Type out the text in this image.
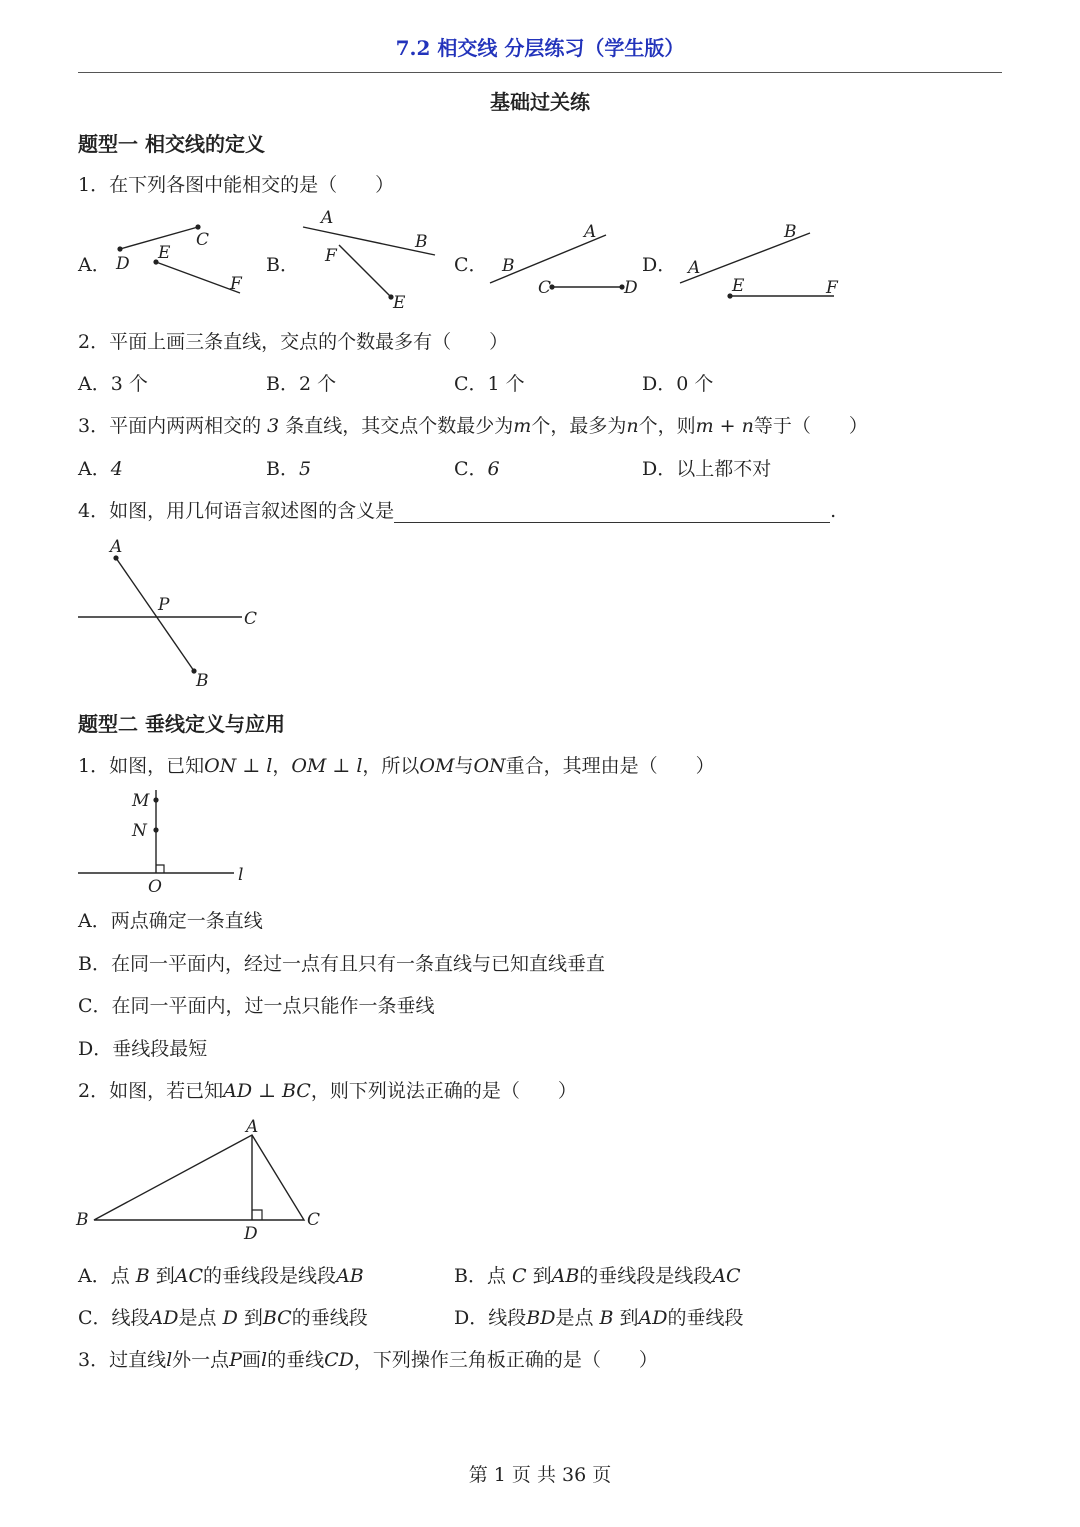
7.2 相交线 分层练习（学生版）
基础过关练
题型一 相交线的定义
1．在下列各图中能相交的是（　　）
A．	B．	C．	D．
D
C
E
F
A
B
F
E
B
A
C	D
A
B
E	F
2．平面上画三条直线，交点的个数最多有（　　）
A．3 个	B．2 个	C．1 个	D．0 个
3．平面内两两相交的 3 条直线，其交点个数最少为m个，最多为n个，则m + n等于（　　）
A．4	B．5	C．6	D．以上都不对
4．如图，用几何语言叙述图的含义是	.
A
P
C
B
题型二 垂线定义与应用
1．如图，已知ON ⊥ l，OM ⊥ l，所以OM与ON重合，其理由是（　　）
M
N
O
l
A．两点确定一条直线
B．在同一平面内，经过一点有且只有一条直线与已知直线垂直
C．在同一平面内，过一点只能作一条垂线
D．垂线段最短
2．如图，若已知AD ⊥ BC，则下列说法正确的是（　　）
A
B	C
D
A．点 B 到AC的垂线段是线段AB	B．点 C 到AB的垂线段是线段AC
C．线段AD是点 D 到BC的垂线段	D．线段BD是点 B 到AD的垂线段
3．过直线l外一点P画l的垂线CD，下列操作三角板正确的是（　　）
第 1 页 共 36 页
